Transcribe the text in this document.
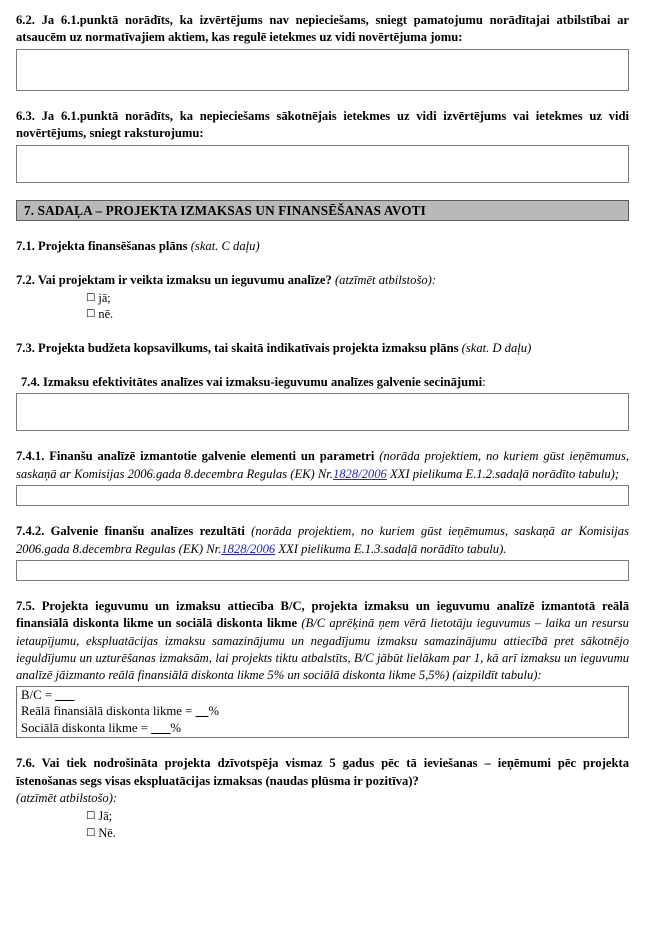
6.2. Ja 6.1.punktā norādīts, ka izvērtējums nav nepieciešams, sniegt pamatojumu norādītajai atbilstībai ar atsaucēm uz normatīvajiem aktiem, kas regulē ietekmes uz vidi novērtējuma jomu:

6.3. Ja 6.1.punktā norādīts, ka nepieciešams sākotnējais ietekmes uz vidi izvērtējums vai ietekmes uz vidi novērtējums, sniegt raksturojumu:

7. SADAĻA – PROJEKTA IZMAKSAS UN FINANSĒŠANAS AVOTI

7.1. Projekta finansēšanas plāns (skat. C daļu)

7.2. Vai projektam ir veikta izmaksu un ieguvumu analīze? (atzīmēt atbilstošo):

☐ jā;
☐ nē.

7.3. Projekta budžeta kopsavilkums, tai skaitā indikatīvais projekta izmaksu plāns (skat. D daļu)

7.4. Izmaksu efektivitātes analīzes vai izmaksu-ieguvumu analīzes galvenie secinājumi:

7.4.1. Finanšu analīzē izmantotie galvenie elementi un parametri (norāda projektiem, no kuriem gūst ieņēmumus, saskaņā ar Komisijas 2006.gada 8.decembra Regulas (EK) Nr.1828/2006 XXI pielikuma E.1.2.sadaļā norādīto tabulu);

7.4.2. Galvenie finanšu analīzes rezultāti (norāda projektiem, no kuriem gūst ieņēmumus, saskaņā ar Komisijas 2006.gada 8.decembra Regulas (EK) Nr.1828/2006 XXI pielikuma E.1.3.sadaļā norādīto tabulu).

7.5. Projekta ieguvumu un izmaksu attiecība B/C, projekta izmaksu un ieguvumu analīzē izmantotā reālā finansiālā diskonta likme un sociālā diskonta likme (B/C aprēķinā ņem vērā lietotāju ieguvumus – laika un resursu ietaupījumu, ekspluatācijas izmaksu samazinājumu un negadījumu izmaksu samazinājumu attiecībā pret sākotnējo ieguldījumu un uzturēšanas izmaksām, lai projekts tiktu atbalstīts, B/C jābūt lielākam par 1, kā arī izmaksu un ieguvumu analīzē jāizmanto reālā finansiālā diskonta likme 5% un sociālā diskonta likme 5,5%) (aizpildīt tabulu):

B/C = ___
Reālā finansiālā diskonta likme = __%
Sociālā diskonta likme = ___%

7.6. Vai tiek nodrošināta projekta dzīvotspēja vismaz 5 gadus pēc tā ieviešanas – ieņēmumi pēc projekta īstenošanas segs visas ekspluatācijas izmaksas (naudas plūsma ir pozitīva)?
(atzīmēt atbilstošo):

☐ Jā;
☐ Nē.
